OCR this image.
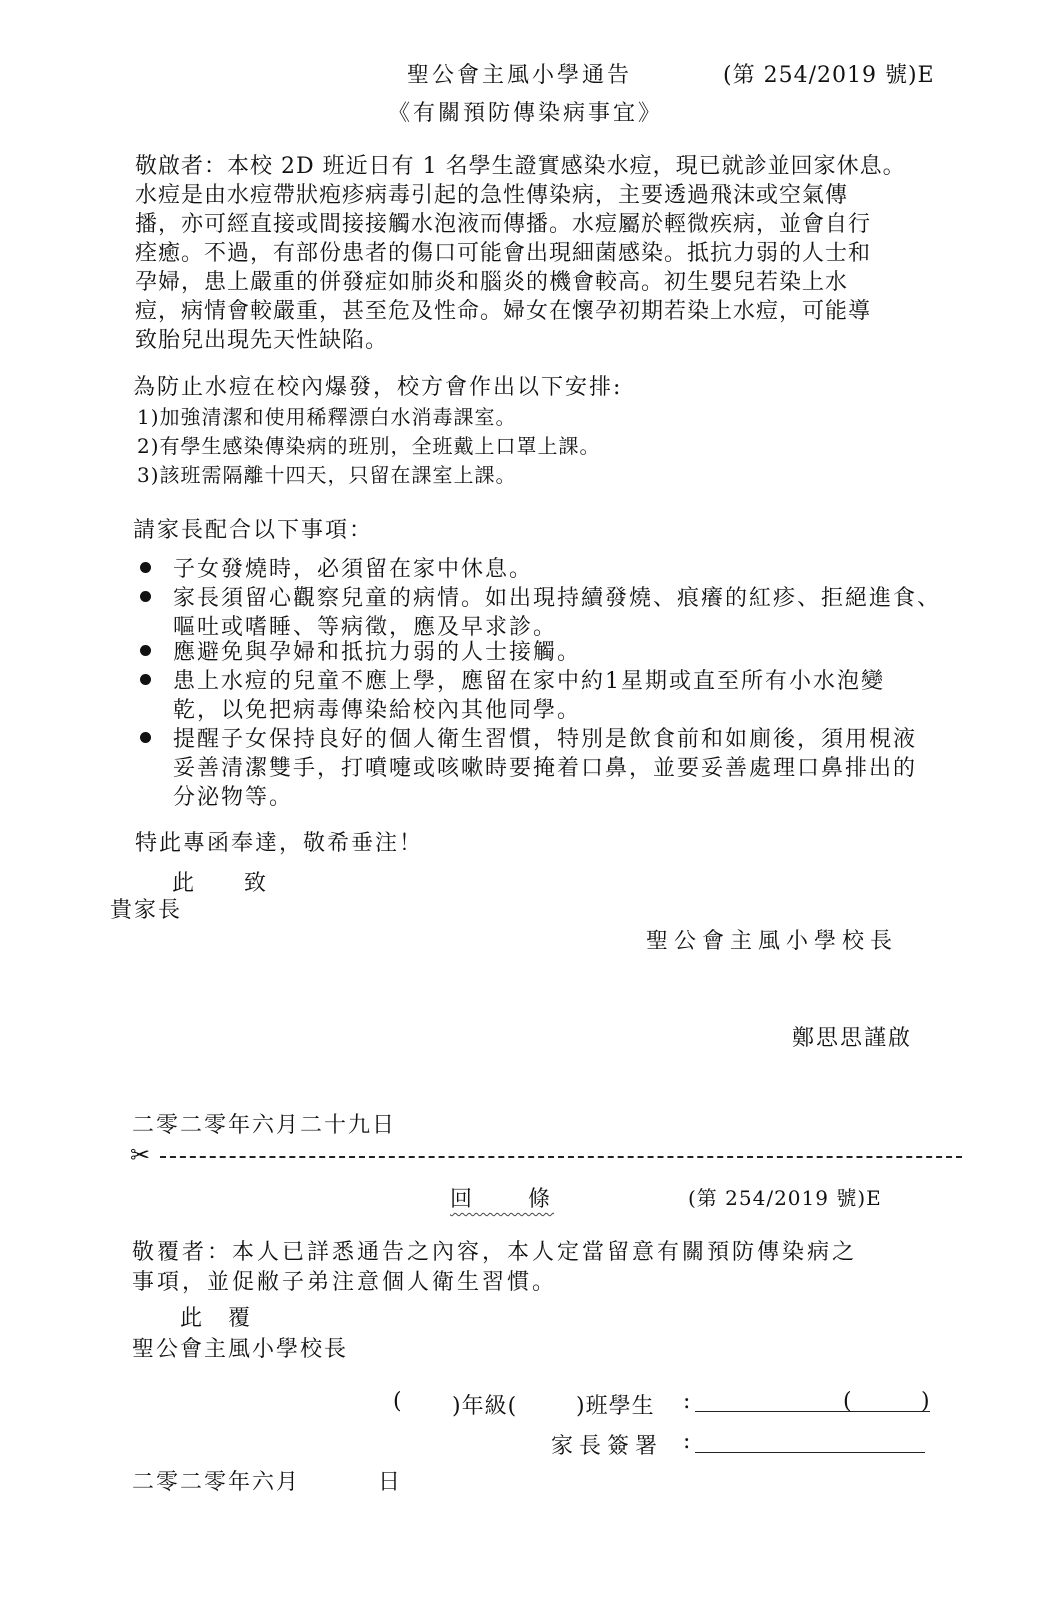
聖公會主風小學通告	(第 254/2019 號)E
《有關預防傳染病事宜》
敬啟者：本校 2D 班近日有 1 名學生證實感染水痘，現已就診並回家休息。
水痘是由水痘帶狀疱疹病毒引起的急性傳染病，主要透過飛沫或空氣傳
播，亦可經直接或間接接觸水泡液而傳播。水痘屬於輕微疾病，並會自行
痊癒。不過，有部份患者的傷口可能會出現細菌感染。抵抗力弱的人士和
孕婦，患上嚴重的併發症如肺炎和腦炎的機會較高。初生嬰兒若染上水
痘，病情會較嚴重，甚至危及性命。婦女在懷孕初期若染上水痘，可能導
致胎兒出現先天性缺陷。
為防止水痘在校內爆發，校方會作出以下安排:
1)加強清潔和使用稀釋漂白水消毒課室。
2)有學生感染傳染病的班別，全班戴上口罩上課。
3)該班需隔離十四天，只留在課室上課。
請家長配合以下事項：
子女發燒時，必須留在家中休息。
家長須留心觀察兒童的病情。如出現持續發燒、痕癢的紅疹、拒絕進食、
嘔吐或嗜睡、等病徵，應及早求診。
應避免與孕婦和抵抗力弱的人士接觸。
患上水痘的兒童不應上學，應留在家中約1星期或直至所有小水泡變
乾，以免把病毒傳染給校內其他同學。
提醒子女保持良好的個人衛生習慣，特別是飲食前和如廁後，須用梘液
妥善清潔雙手，打噴嚏或咳嗽時要掩着口鼻，並要妥善處理口鼻排出的
分泌物等。
特此專函奉達，敬希垂注！
此　　致
貴家長
聖公會主風小學校長
鄭思思謹啟
二零二零年六月二十九日
✂
回　　條	(第 254/2019 號)E
敬覆者：本人已詳悉通告之內容，本人定當留意有關預防傳染病之
事項，並促敝子弟注意個人衛生習慣。
此　覆
聖公會主風小學校長
( )年級(	)班學生 :	(	)
家長簽署 :
二零二零年六月	日
